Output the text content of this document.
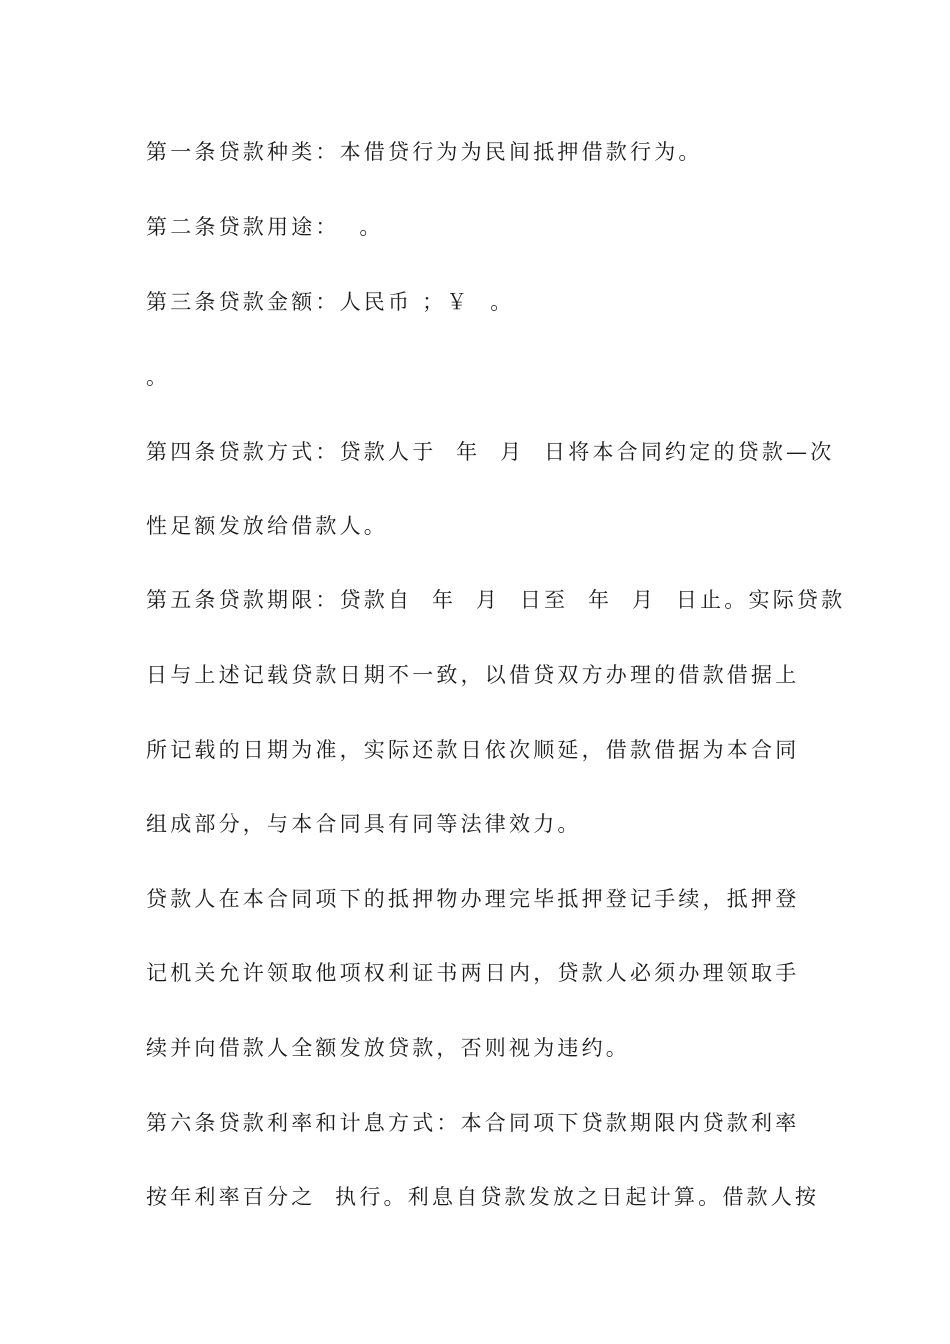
第一条贷款种类：本借贷行为为民间抵押借款行为。

第二条贷款用途：  。

第三条贷款金额：人民币 ；￥  。

。

第四条贷款方式：贷款人于  年  月  日将本合同约定的贷款—次

性足额发放给借款人。

第五条贷款期限：贷款自  年  月  日至  年  月  日止。实际贷款

日与上述记载贷款日期不一致，以借贷双方办理的借款借据上

所记载的日期为准，实际还款日依次顺延，借款借据为本合同

组成部分，与本合同具有同等法律效力。

贷款人在本合同项下的抵押物办理完毕抵押登记手续，抵押登

记机关允许领取他项权利证书两日内，贷款人必须办理领取手

续并向借款人全额发放贷款，否则视为违约。

第六条贷款利率和计息方式：本合同项下贷款期限内贷款利率

按年利率百分之  执行。利息自贷款发放之日起计算。借款人按
